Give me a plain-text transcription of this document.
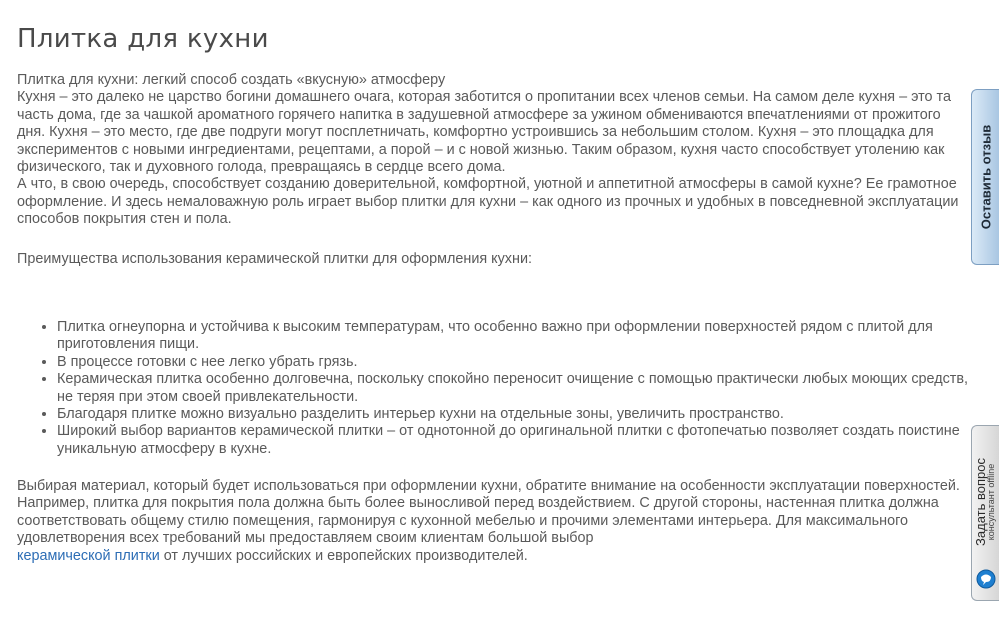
Плитка для кухни

Плитка для кухни: легкий способ создать «вкусную» атмосферу

Кухня – это далеко не царство богини домашнего очага, которая заботится о пропитании всех членов семьи. На самом деле кухня – это та часть дома, где за чашкой ароматного горячего напитка в задушевной атмосфере за ужином обмениваются впечатлениями от прожитого дня. Кухня – это место, где две подруги могут посплетничать, комфортно устроившись за небольшим столом. Кухня – это площадка для экспериментов с новыми ингредиентами, рецептами, а порой – и с новой жизнью. Таким образом, кухня часто способствует утолению как физического, так и духовного голода, превращаясь в сердце всего дома.

А что, в свою очередь, способствует созданию доверительной, комфортной, уютной и аппетитной атмосферы в самой кухне? Ее грамотное оформление. И здесь немаловажную роль играет выбор плитки для кухни – как одного из прочных и удобных в повседневной эксплуатации способов покрытия стен и пола.

Преимущества использования керамической плитки для оформления кухни:

• Плитка огнеупорна и устойчива к высоким температурам, что особенно важно при оформлении поверхностей рядом с плитой для приготовления пищи.
• В процессе готовки с нее легко убрать грязь.
• Керамическая плитка особенно долговечна, поскольку спокойно переносит очищение с помощью практически любых моющих средств, не теряя при этом своей привлекательности.
• Благодаря плитке можно визуально разделить интерьер кухни на отдельные зоны, увеличить пространство.
• Широкий выбор вариантов керамической плитки – от однотонной до оригинальной плитки с фотопечатью позволяет создать поистине уникальную атмосферу в кухне.

Выбирая материал, который будет использоваться при оформлении кухни, обратите внимание на особенности эксплуатации поверхностей. Например, плитка для покрытия пола должна быть более выносливой перед воздействием. С другой стороны, настенная плитка должна соответствовать общему стилю помещения, гармонируя с кухонной мебелью и прочими элементами интерьера. Для максимального удовлетворения всех требований мы предоставляем своим клиентам большой выбор
керамической плитки от лучших российских и европейских производителей.

Оставить отзыв
Задать вопрос
консультант offline
